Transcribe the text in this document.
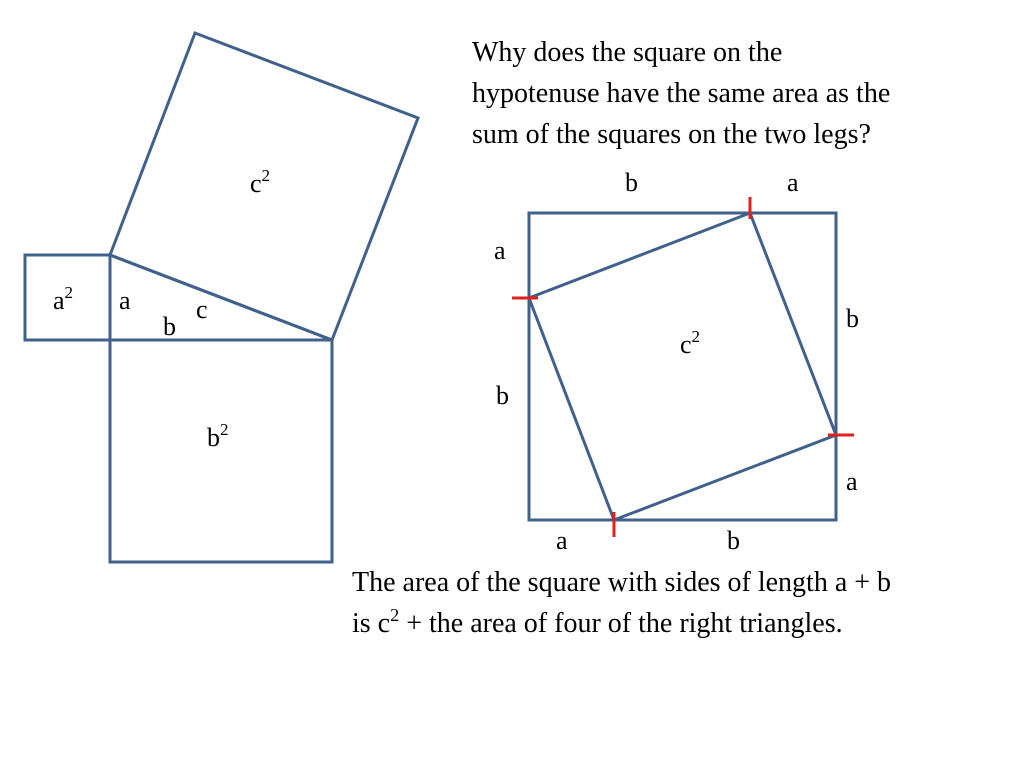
$c^2$
$a^2$
$b^2$
a
b
c
b	a
a
b
b
a
a	b
$c^2$

Why does the square on the
hypotenuse have the same area as the
sum of the squares on the two legs?

The area of the square with sides of length a + b
is $c^2$ + the area of four of the right triangles.
